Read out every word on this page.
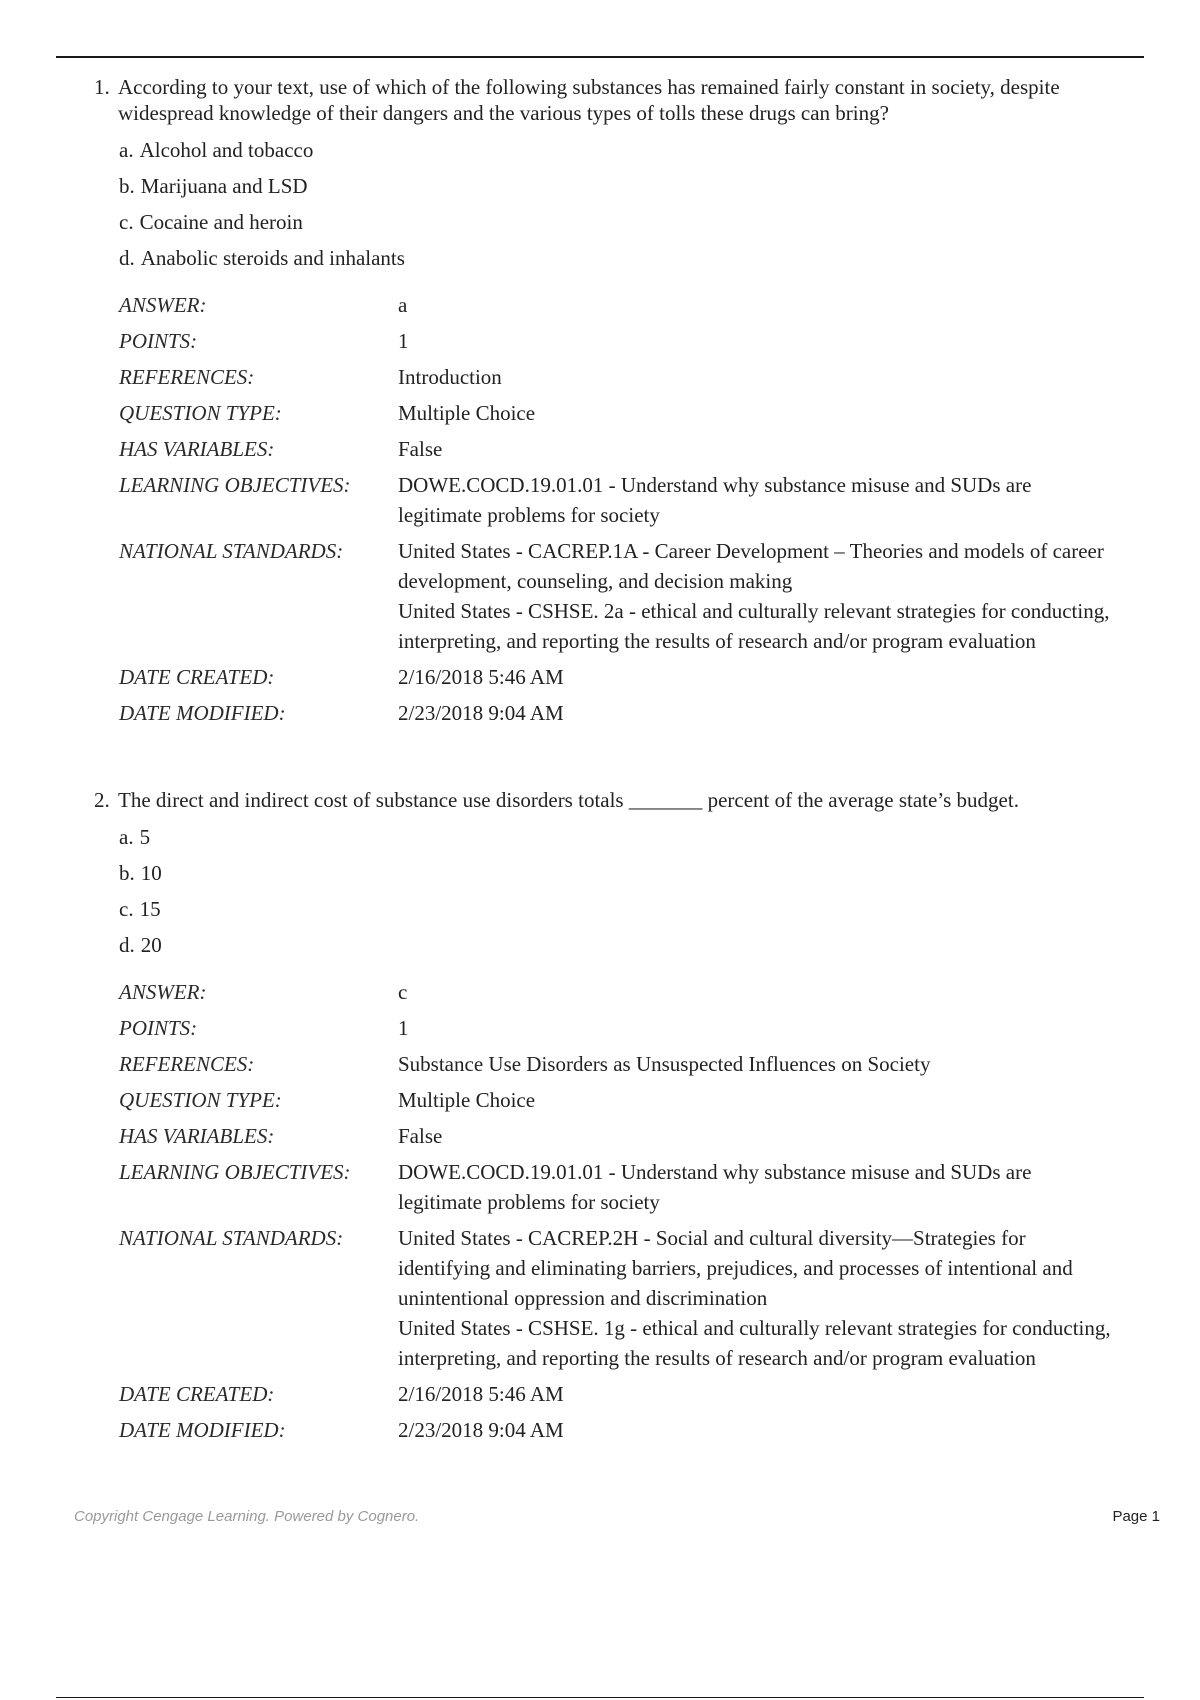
1. According to your text, use of which of the following substances has remained fairly constant in society, despite widespread knowledge of their dangers and the various types of tolls these drugs can bring?
a. Alcohol and tobacco
b. Marijuana and LSD
c. Cocaine and heroin
d. Anabolic steroids and inhalants
ANSWER:	a
POINTS:	1
REFERENCES:	Introduction
QUESTION TYPE:	Multiple Choice
HAS VARIABLES:	False
LEARNING OBJECTIVES:	DOWE.COCD.19.01.01 - Understand why substance misuse and SUDs are legitimate problems for society
NATIONAL STANDARDS:	United States - CACREP.1A - Career Development – Theories and models of career development, counseling, and decision making
United States - CSHSE. 2a - ethical and culturally relevant strategies for conducting, interpreting, and reporting the results of research and/or program evaluation
DATE CREATED:	2/16/2018 5:46 AM
DATE MODIFIED:	2/23/2018 9:04 AM
2. The direct and indirect cost of substance use disorders totals _______ percent of the average state’s budget.
a. 5
b. 10
c. 15
d. 20
ANSWER:	c
POINTS:	1
REFERENCES:	Substance Use Disorders as Unsuspected Influences on Society
QUESTION TYPE:	Multiple Choice
HAS VARIABLES:	False
LEARNING OBJECTIVES:	DOWE.COCD.19.01.01 - Understand why substance misuse and SUDs are legitimate problems for society
NATIONAL STANDARDS:	United States - CACREP.2H - Social and cultural diversity—Strategies for identifying and eliminating barriers, prejudices, and processes of intentional and unintentional oppression and discrimination
United States - CSHSE. 1g - ethical and culturally relevant strategies for conducting, interpreting, and reporting the results of research and/or program evaluation
DATE CREATED:	2/16/2018 5:46 AM
DATE MODIFIED:	2/23/2018 9:04 AM
Copyright Cengage Learning. Powered by Cognero.	Page 1
